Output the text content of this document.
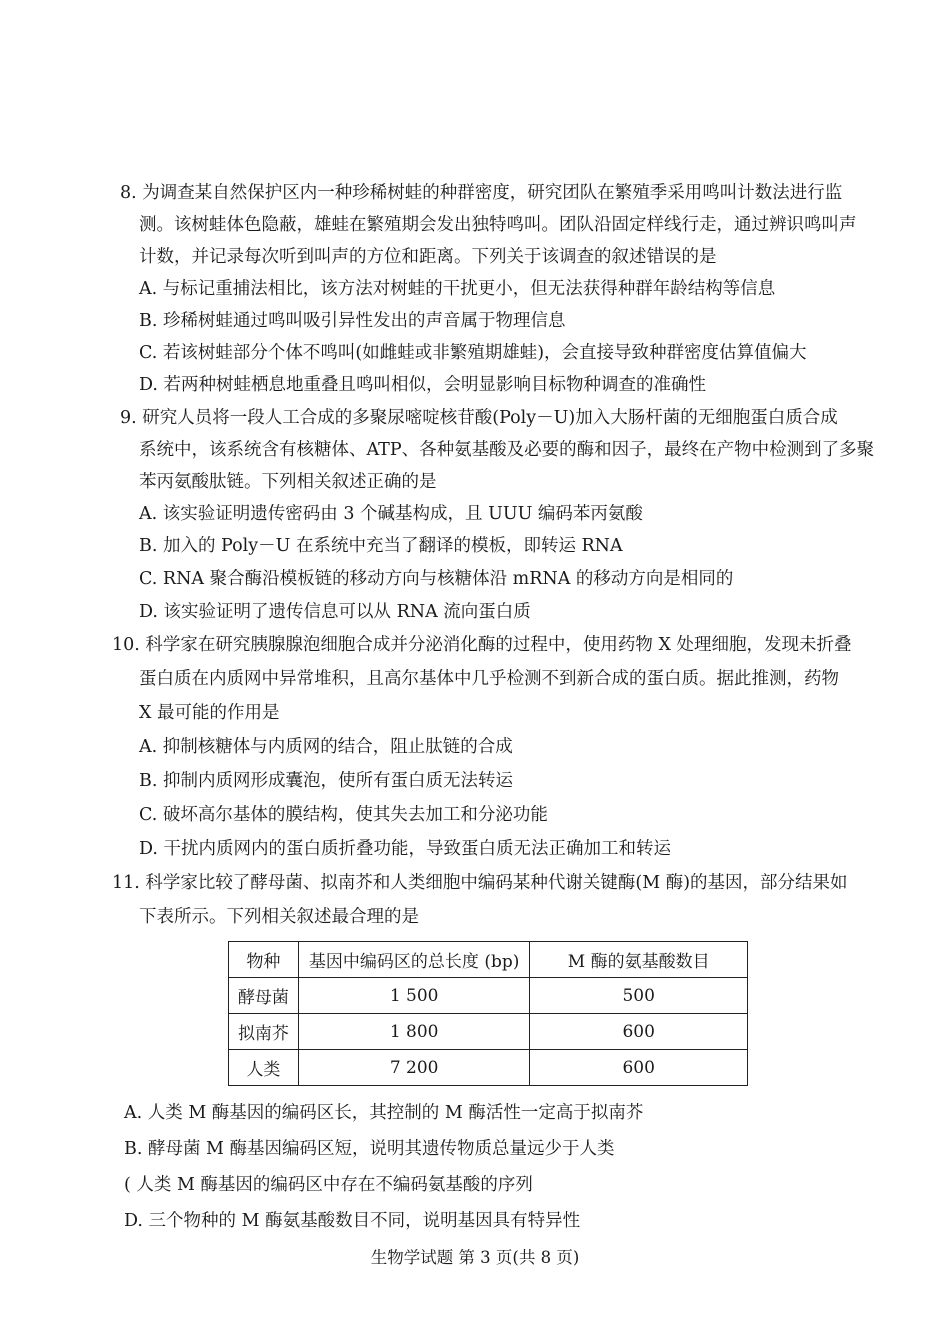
8. 为调查某自然保护区内一种珍稀树蛙的种群密度，研究团队在繁殖季采用鸣叫计数法进行监
测。该树蛙体色隐蔽，雄蛙在繁殖期会发出独特鸣叫。团队沿固定样线行走，通过辨识鸣叫声
计数，并记录每次听到叫声的方位和距离。下列关于该调查的叙述错误的是
A. 与标记重捕法相比，该方法对树蛙的干扰更小，但无法获得种群年龄结构等信息
B. 珍稀树蛙通过鸣叫吸引异性发出的声音属于物理信息
C. 若该树蛙部分个体不鸣叫(如雌蛙或非繁殖期雄蛙)，会直接导致种群密度估算值偏大
D. 若两种树蛙栖息地重叠且鸣叫相似，会明显影响目标物种调查的准确性
9. 研究人员将一段人工合成的多聚尿嘧啶核苷酸(Poly－U)加入大肠杆菌的无细胞蛋白质合成
系统中，该系统含有核糖体、ATP、各种氨基酸及必要的酶和因子，最终在产物中检测到了多聚
苯丙氨酸肽链。下列相关叙述正确的是
A. 该实验证明遗传密码由 3 个碱基构成，且 UUU 编码苯丙氨酸
B. 加入的 Poly－U 在系统中充当了翻译的模板，即转运 RNA
C. RNA 聚合酶沿模板链的移动方向与核糖体沿 mRNA 的移动方向是相同的
D. 该实验证明了遗传信息可以从 RNA 流向蛋白质
10. 科学家在研究胰腺腺泡细胞合成并分泌消化酶的过程中，使用药物 X 处理细胞，发现未折叠
蛋白质在内质网中异常堆积，且高尔基体中几乎检测不到新合成的蛋白质。据此推测，药物
X 最可能的作用是
A. 抑制核糖体与内质网的结合，阻止肽链的合成
B. 抑制内质网形成囊泡，使所有蛋白质无法转运
C. 破坏高尔基体的膜结构，使其失去加工和分泌功能
D. 干扰内质网内的蛋白质折叠功能，导致蛋白质无法正确加工和转运
11. 科学家比较了酵母菌、拟南芥和人类细胞中编码某种代谢关键酶(M 酶)的基因，部分结果如
下表所示。下列相关叙述最合理的是
物种	基因中编码区的总长度 (bp)	M 酶的氨基酸数目
酵母菌	1 500	500
拟南芥	1 800	600
人类	7 200	600
A. 人类 M 酶基因的编码区长，其控制的 M 酶活性一定高于拟南芥
B. 酵母菌 M 酶基因编码区短，说明其遗传物质总量远少于人类
( 人类 M 酶基因的编码区中存在不编码氨基酸的序列
D. 三个物种的 M 酶氨基酸数目不同，说明基因具有特异性
生物学试题 第 3 页(共 8 页)
